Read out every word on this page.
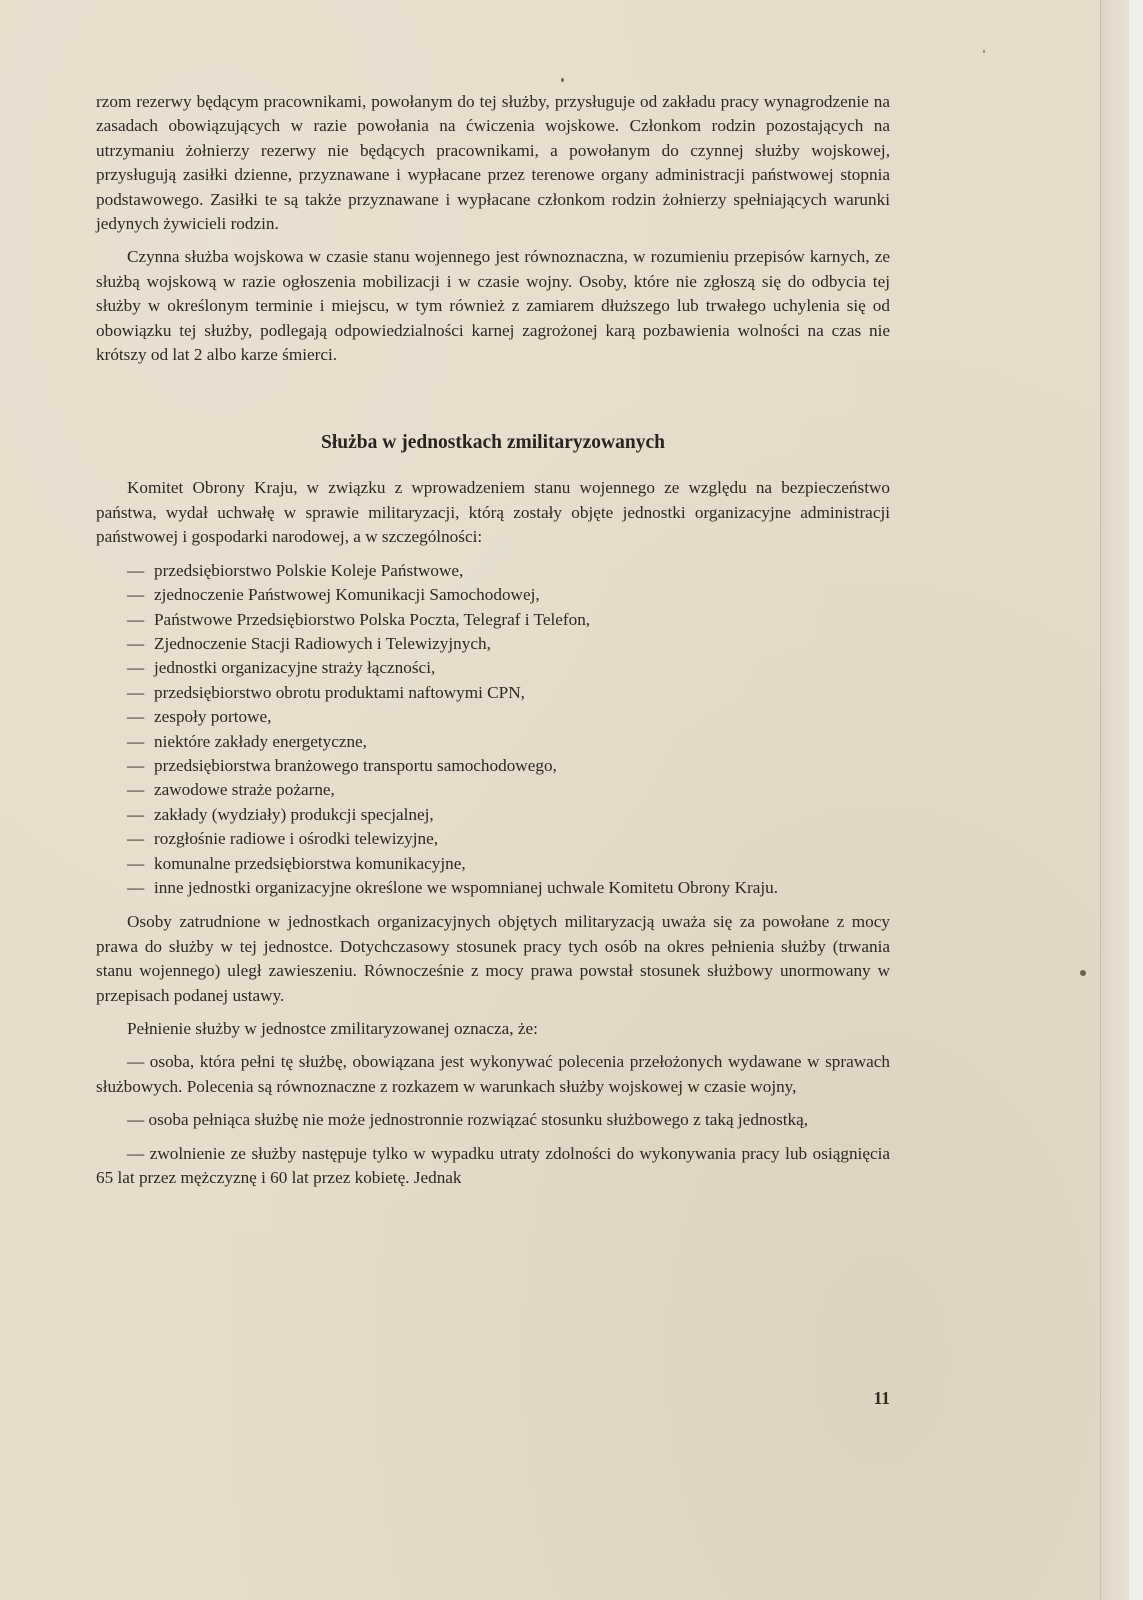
rzom rezerwy będącym pracownikami, powołanym do tej służby, przysługuje od zakładu pracy wynagrodzenie na zasadach obowiązujących w razie powołania na ćwiczenia wojskowe. Członkom rodzin pozostających na utrzymaniu żołnierzy rezerwy nie będących pracownikami, a powołanym do czynnej służby wojskowej, przysługują zasiłki dzienne, przyznawane i wypłacane przez terenowe organy administracji państwowej stopnia podstawowego. Zasiłki te są także przyznawane i wypłacane członkom rodzin żołnierzy spełniających warunki jedynych żywicieli rodzin.

Czynna służba wojskowa w czasie stanu wojennego jest równoznaczna, w rozumieniu przepisów karnych, ze służbą wojskową w razie ogłoszenia mobilizacji i w czasie wojny. Osoby, które nie zgłoszą się do odbycia tej służby w określonym terminie i miejscu, w tym również z zamiarem dłuższego lub trwałego uchylenia się od obowiązku tej służby, podlegają odpowiedzialności karnej zagrożonej karą pozbawienia wolności na czas nie krótszy od lat 2 albo karze śmierci.

Służba w jednostkach zmilitaryzowanych

Komitet Obrony Kraju, w związku z wprowadzeniem stanu wojennego ze względu na bezpieczeństwo państwa, wydał uchwałę w sprawie militaryzacji, którą zostały objęte jednostki organizacyjne administracji państwowej i gospodarki narodowej, a w szczególności:

— przedsiębiorstwo Polskie Koleje Państwowe,
— zjednoczenie Państwowej Komunikacji Samochodowej,
— Państwowe Przedsiębiorstwo Polska Poczta, Telegraf i Telefon,
— Zjednoczenie Stacji Radiowych i Telewizyjnych,
— jednostki organizacyjne straży łączności,
— przedsiębiorstwo obrotu produktami naftowymi CPN,
— zespoły portowe,
— niektóre zakłady energetyczne,
— przedsiębiorstwa branżowego transportu samochodowego,
— zawodowe straże pożarne,
— zakłady (wydziały) produkcji specjalnej,
— rozgłośnie radiowe i ośrodki telewizyjne,
— komunalne przedsiębiorstwa komunikacyjne,
— inne jednostki organizacyjne określone we wspomnianej uchwale Komitetu Obrony Kraju.

Osoby zatrudnione w jednostkach organizacyjnych objętych militaryzacją uważa się za powołane z mocy prawa do służby w tej jednostce. Dotychczasowy stosunek pracy tych osób na okres pełnienia służby (trwania stanu wojennego) uległ zawieszeniu. Równocześnie z mocy prawa powstał stosunek służbowy unormowany w przepisach podanej ustawy.

Pełnienie służby w jednostce zmilitaryzowanej oznacza, że:

— osoba, która pełni tę służbę, obowiązana jest wykonywać polecenia przełożonych wydawane w sprawach służbowych. Polecenia są równoznaczne z rozkazem w warunkach służby wojskowej w czasie wojny,

— osoba pełniąca służbę nie może jednostronnie rozwiązać stosunku służbowego z taką jednostką,

— zwolnienie ze służby następuje tylko w wypadku utraty zdolności do wykonywania pracy lub osiągnięcia 65 lat przez mężczyznę i 60 lat przez kobietę. Jednak

11
